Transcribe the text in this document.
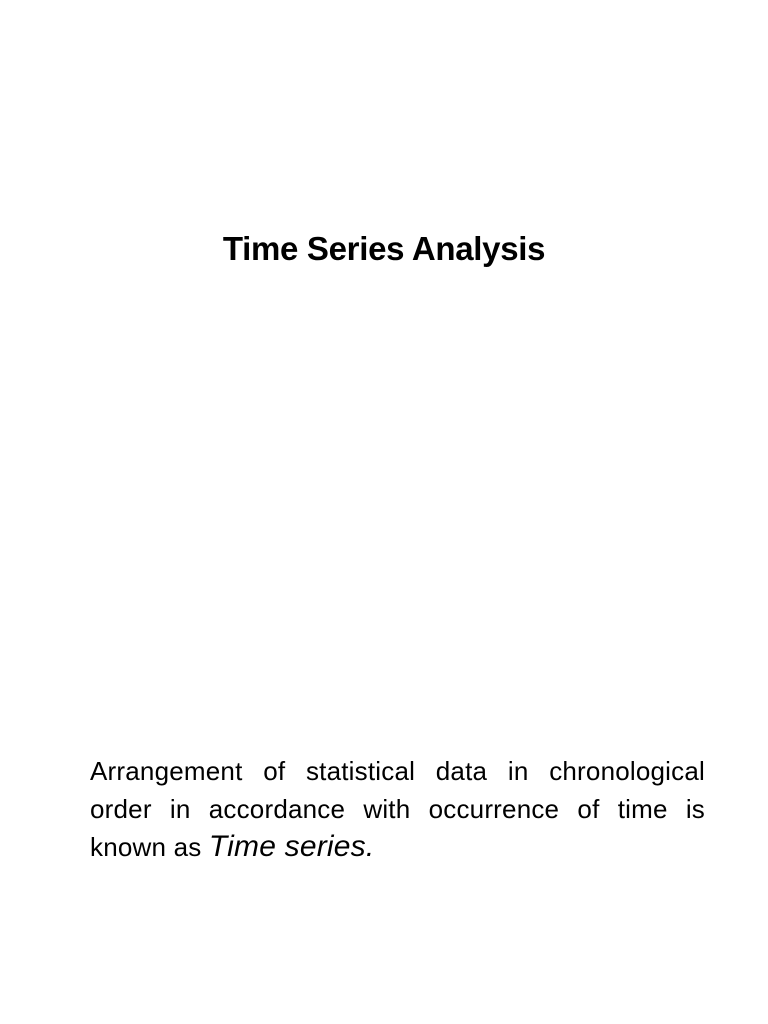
Time Series Analysis

Arrangement of statistical data in chronological order in accordance with occurrence of time is known as Time series.
